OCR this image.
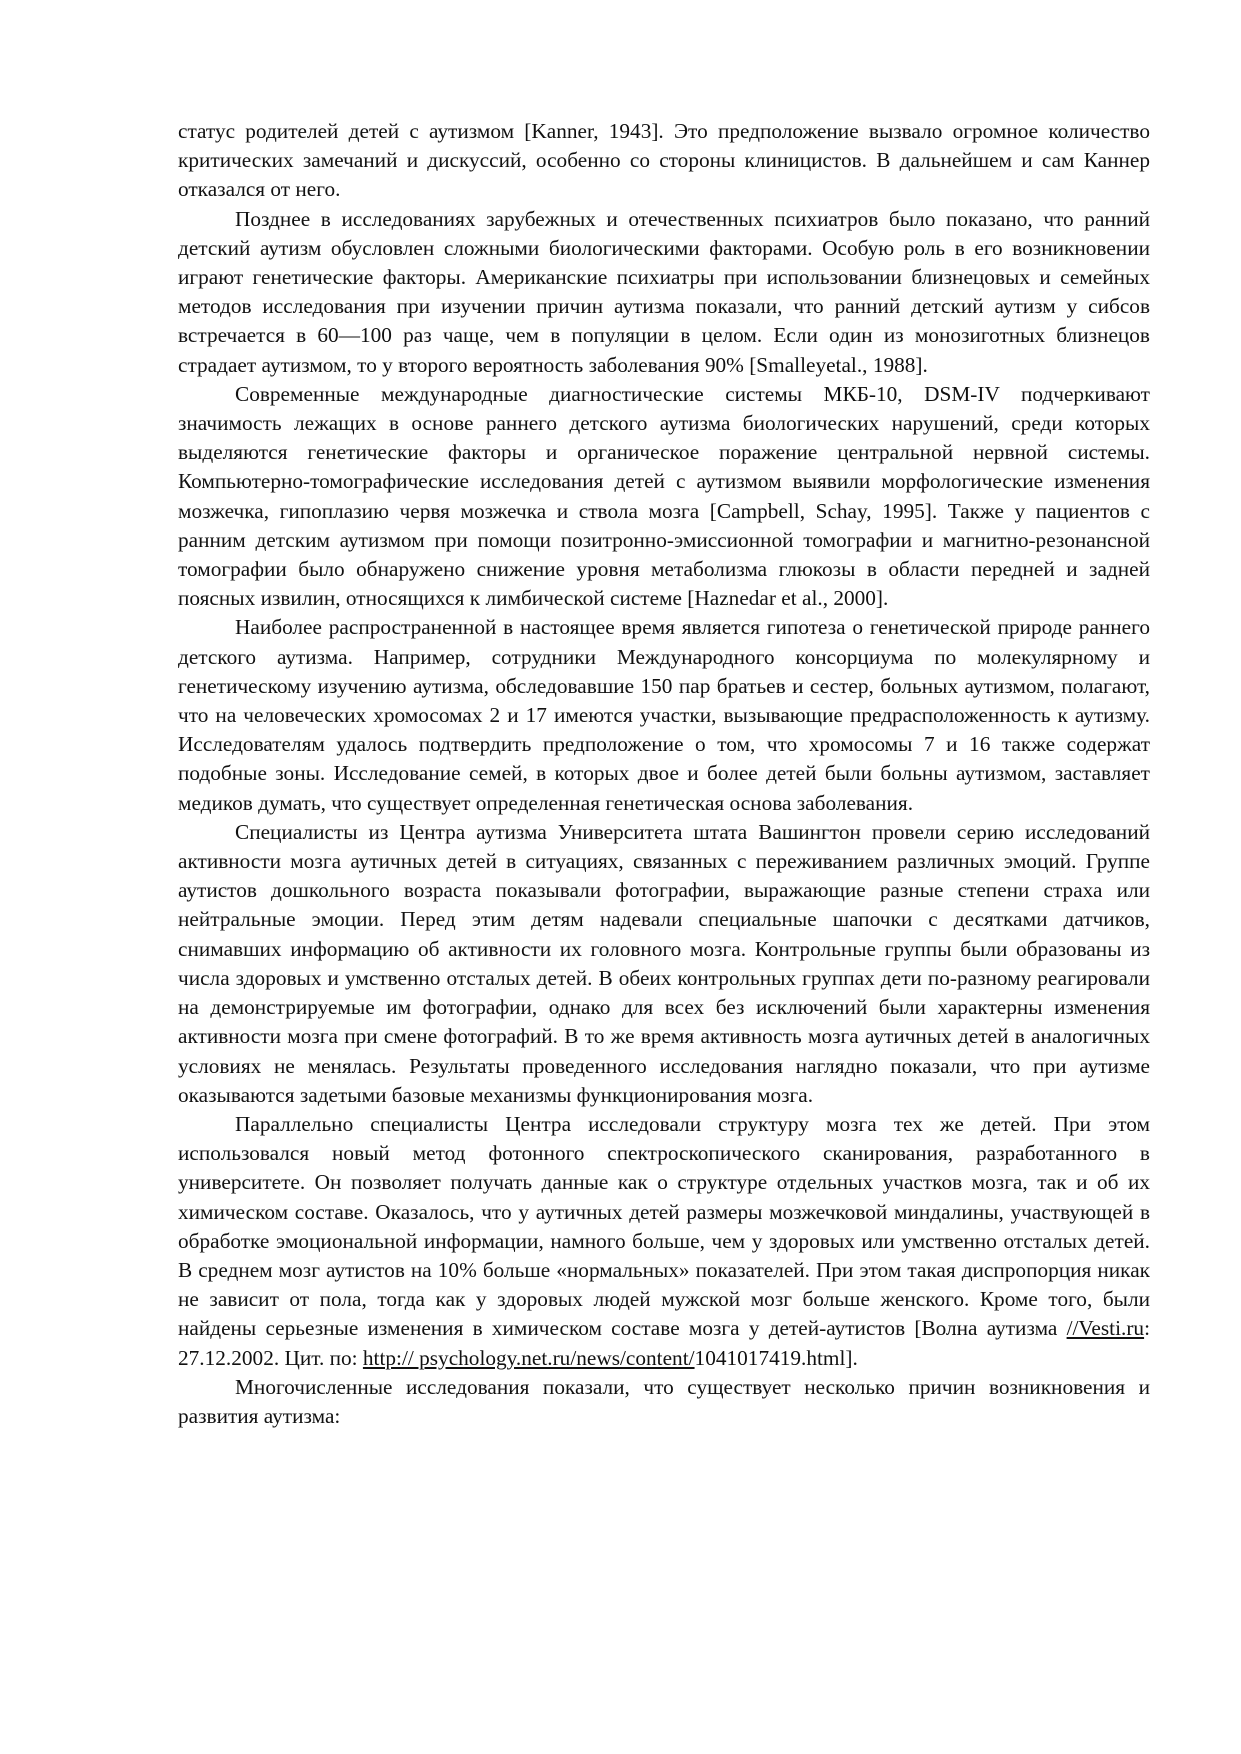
статус родителей детей с аутизмом [Kanner, 1943]. Это предположение вызвало огромное количество критических замечаний и дискуссий, особенно со стороны клиницистов. В дальнейшем и сам Каннер отказался от него.

Позднее в исследованиях зарубежных и отечественных психиатров было показано, что ранний детский аутизм обусловлен сложными биологическими факторами. Особую роль в его возникновении играют генетические факторы. Американские психиатры при использовании близнецовых и семейных методов исследования при изучении причин аутизма показали, что ранний детский аутизм у сибсов встречается в 60—100 раз чаще, чем в популяции в целом. Если один из монозиготных близнецов страдает аутизмом, то у второго вероятность заболевания 90% [Smalleyetal., 1988].

Современные международные диагностические системы МКБ-10, DSM-IV подчеркивают значимость лежащих в основе раннего детского аутизма биологических нарушений, среди которых выделяются генетические факторы и органическое поражение центральной нервной системы. Компьютерно-томографические исследования детей с аутизмом выявили морфологические изменения мозжечка, гипоплазию червя мозжечка и ствола мозга [Campbell, Schay, 1995]. Также у пациентов с ранним детским аутизмом при помощи позитронно-эмиссионной томографии и магнитно-резонансной томографии было обнаружено снижение уровня метаболизма глюкозы в области передней и задней поясных извилин, относящихся к лимбической системе [Haznedar et al., 2000].

Наиболее распространенной в настоящее время является гипотеза о генетической природе раннего детского аутизма. Например, сотрудники Международного консорциума по молекулярному и генетическому изучению аутизма, обследовавшие 150 пар братьев и сестер, больных аутизмом, полагают, что на человеческих хромосомах 2 и 17 имеются участки, вызывающие предрасположенность к аутизму. Исследователям удалось подтвердить предположение о том, что хромосомы 7 и 16 также содержат подобные зоны. Исследование семей, в которых двое и более детей были больны аутизмом, заставляет медиков думать, что существует определенная генетическая основа заболевания.

Специалисты из Центра аутизма Университета штата Вашингтон провели серию исследований активности мозга аутичных детей в ситуациях, связанных с переживанием различных эмоций. Группе аутистов дошкольного возраста показывали фотографии, выражающие разные степени страха или нейтральные эмоции. Перед этим детям надевали специальные шапочки с десятками датчиков, снимавших информацию об активности их головного мозга. Контрольные группы были образованы из числа здоровых и умственно отсталых детей. В обеих контрольных группах дети по-разному реагировали на демонстрируемые им фотографии, однако для всех без исключений были характерны изменения активности мозга при смене фотографий. В то же время активность мозга аутичных детей в аналогичных условиях не менялась. Результаты проведенного исследования наглядно показали, что при аутизме оказываются задетыми базовые механизмы функционирования мозга.

Параллельно специалисты Центра исследовали структуру мозга тех же детей. При этом использовался новый метод фотонного спектроскопического сканирования, разработанного в университете. Он позволяет получать данные как о структуре отдельных участков мозга, так и об их химическом составе. Оказалось, что у аутичных детей размеры мозжечковой миндалины, участвующей в обработке эмоциональной информации, намного больше, чем у здоровых или умственно отсталых детей. В среднем мозг аутистов на 10% больше «нормальных» показателей. При этом такая диспропорция никак не зависит от пола, тогда как у здоровых людей мужской мозг больше женского. Кроме того, были найдены серьезные изменения в химическом составе мозга у детей-аутистов [Волна аутизма //Vesti.ru: 27.12.2002. Цит. по: http:// psychology.net.ru/news/content/1041017419.html].

Многочисленные исследования показали, что существует несколько причин возникновения и развития аутизма:
